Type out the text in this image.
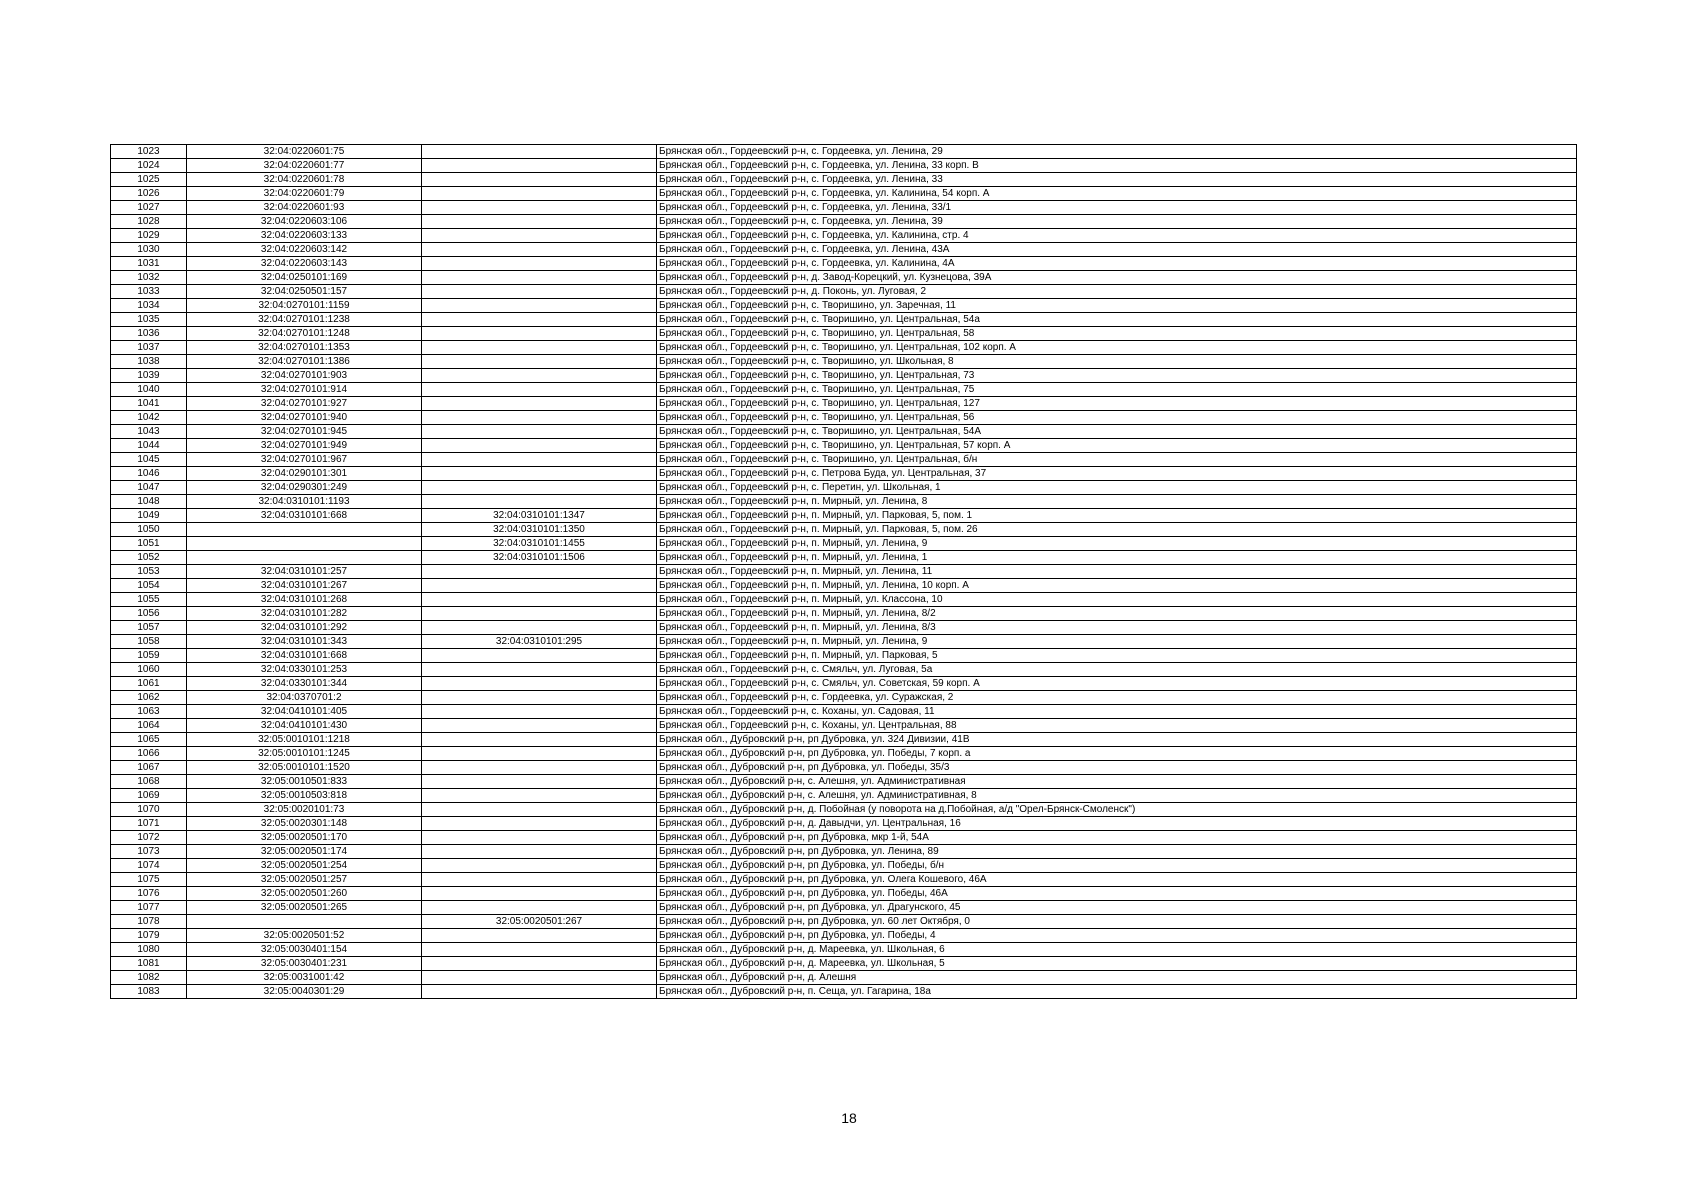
1023	32:04:0220601:75		Брянская обл., Гордеевский р-н, с. Гордеевка, ул. Ленина, 29
1024	32:04:0220601:77		Брянская обл., Гордеевский р-н, с. Гордеевка, ул. Ленина, 33 корп. В
1025	32:04:0220601:78		Брянская обл., Гордеевский р-н, с. Гордеевка, ул. Ленина, 33
1026	32:04:0220601:79		Брянская обл., Гордеевский р-н, с. Гордеевка, ул. Калинина, 54 корп. А
1027	32:04:0220601:93		Брянская обл., Гордеевский р-н, с. Гордеевка, ул. Ленина, 33/1
1028	32:04:0220603:106		Брянская обл., Гордеевский р-н, с. Гордеевка, ул. Ленина, 39
1029	32:04:0220603:133		Брянская обл., Гордеевский р-н, с. Гордеевка, ул. Калинина, стр. 4
1030	32:04:0220603:142		Брянская обл., Гордеевский р-н, с. Гордеевка, ул. Ленина, 43А
1031	32:04:0220603:143		Брянская обл., Гордеевский р-н, с. Гордеевка, ул. Калинина, 4А
1032	32:04:0250101:169		Брянская обл., Гордеевский р-н, д. Завод-Корецкий, ул. Кузнецова, 39А
1033	32:04:0250501:157		Брянская обл., Гордеевский р-н, д. Поконь, ул. Луговая, 2
1034	32:04:0270101:1159		Брянская обл., Гордеевский р-н, с. Творишино, ул. Заречная, 11
1035	32:04:0270101:1238		Брянская обл., Гордеевский р-н, с. Творишино, ул. Центральная, 54а
1036	32:04:0270101:1248		Брянская обл., Гордеевский р-н, с. Творишино, ул. Центральная, 58
1037	32:04:0270101:1353		Брянская обл., Гордеевский р-н, с. Творишино, ул. Центральная, 102 корп. А
1038	32:04:0270101:1386		Брянская обл., Гордеевский р-н, с. Творишино, ул. Школьная, 8
1039	32:04:0270101:903		Брянская обл., Гордеевский р-н, с. Творишино, ул. Центральная, 73
1040	32:04:0270101:914		Брянская обл., Гордеевский р-н, с. Творишино, ул. Центральная, 75
1041	32:04:0270101:927		Брянская обл., Гордеевский р-н, с. Творишино, ул. Центральная, 127
1042	32:04:0270101:940		Брянская обл., Гордеевский р-н, с. Творишино, ул. Центральная, 56
1043	32:04:0270101:945		Брянская обл., Гордеевский р-н, с. Творишино, ул. Центральная, 54А
1044	32:04:0270101:949		Брянская обл., Гордеевский р-н, с. Творишино, ул. Центральная, 57 корп. А
1045	32:04:0270101:967		Брянская обл., Гордеевский р-н, с. Творишино, ул. Центральная, б/н
1046	32:04:0290101:301		Брянская обл., Гордеевский р-н, с. Петрова Буда, ул. Центральная, 37
1047	32:04:0290301:249		Брянская обл., Гордеевский р-н, с. Перетин, ул. Школьная, 1
1048	32:04:0310101:1193		Брянская обл., Гордеевский р-н, п. Мирный, ул. Ленина, 8
1049	32:04:0310101:668	32:04:0310101:1347	Брянская обл., Гордеевский р-н, п. Мирный, ул. Парковая, 5, пом. 1
1050		32:04:0310101:1350	Брянская обл., Гордеевский р-н, п. Мирный, ул. Парковая, 5, пом. 26
1051		32:04:0310101:1455	Брянская обл., Гордеевский р-н, п. Мирный, ул. Ленина, 9
1052		32:04:0310101:1506	Брянская обл., Гордеевский р-н, п. Мирный, ул. Ленина, 1
1053	32:04:0310101:257		Брянская обл., Гордеевский р-н, п. Мирный, ул. Ленина, 11
1054	32:04:0310101:267		Брянская обл., Гордеевский р-н, п. Мирный, ул. Ленина, 10 корп. А
1055	32:04:0310101:268		Брянская обл., Гордеевский р-н, п. Мирный, ул. Классона, 10
1056	32:04:0310101:282		Брянская обл., Гордеевский р-н, п. Мирный, ул. Ленина, 8/2
1057	32:04:0310101:292		Брянская обл., Гордеевский р-н, п. Мирный, ул. Ленина, 8/3
1058	32:04:0310101:343	32:04:0310101:295	Брянская обл., Гордеевский р-н, п. Мирный, ул. Ленина, 9
1059	32:04:0310101:668		Брянская обл., Гордеевский р-н, п. Мирный, ул. Парковая, 5
1060	32:04:0330101:253		Брянская обл., Гордеевский р-н, с. Смяльч, ул. Луговая, 5а
1061	32:04:0330101:344		Брянская обл., Гордеевский р-н, с. Смяльч, ул. Советская, 59 корп. А
1062	32:04:0370701:2		Брянская обл., Гордеевский р-н, с. Гордеевка, ул. Суражская, 2
1063	32:04:0410101:405		Брянская обл., Гордеевский р-н, с. Коханы, ул. Садовая, 11
1064	32:04:0410101:430		Брянская обл., Гордеевский р-н, с. Коханы, ул. Центральная, 88
1065	32:05:0010101:1218		Брянская обл., Дубровский р-н, рп Дубровка, ул. 324 Дивизии, 41В
1066	32:05:0010101:1245		Брянская обл., Дубровский р-н, рп Дубровка, ул. Победы, 7 корп. а
1067	32:05:0010101:1520		Брянская обл., Дубровский р-н, рп Дубровка, ул. Победы, 35/3
1068	32:05:0010501:833		Брянская обл., Дубровский р-н, с. Алешня, ул. Административная
1069	32:05:0010503:818		Брянская обл., Дубровский р-н, с. Алешня, ул. Административная, 8
1070	32:05:0020101:73		Брянская обл., Дубровский р-н, д. Побойная (у поворота на д.Побойная, а/д "Орел-Брянск-Смоленск")
1071	32:05:0020301:148		Брянская обл., Дубровский р-н, д. Давыдчи, ул. Центральная, 16
1072	32:05:0020501:170		Брянская обл., Дубровский р-н, рп Дубровка, мкр 1-й, 54А
1073	32:05:0020501:174		Брянская обл., Дубровский р-н, рп Дубровка, ул. Ленина, 89
1074	32:05:0020501:254		Брянская обл., Дубровский р-н, рп Дубровка, ул. Победы, б/н
1075	32:05:0020501:257		Брянская обл., Дубровский р-н, рп Дубровка, ул. Олега Кошевого, 46А
1076	32:05:0020501:260		Брянская обл., Дубровский р-н, рп Дубровка, ул. Победы, 46А
1077	32:05:0020501:265		Брянская обл., Дубровский р-н, рп Дубровка, ул. Драгунского, 45
1078		32:05:0020501:267	Брянская обл., Дубровский р-н, рп Дубровка, ул. 60 лет Октября, 0
1079	32:05:0020501:52		Брянская обл., Дубровский р-н, рп Дубровка, ул. Победы, 4
1080	32:05:0030401:154		Брянская обл., Дубровский р-н, д. Мареевка, ул. Школьная, 6
1081	32:05:0030401:231		Брянская обл., Дубровский р-н, д. Мареевка, ул. Школьная, 5
1082	32:05:0031001:42		Брянская обл., Дубровский р-н, д. Алешня
1083	32:05:0040301:29		Брянская обл., Дубровский р-н, п. Сеща, ул. Гагарина, 18а
18
